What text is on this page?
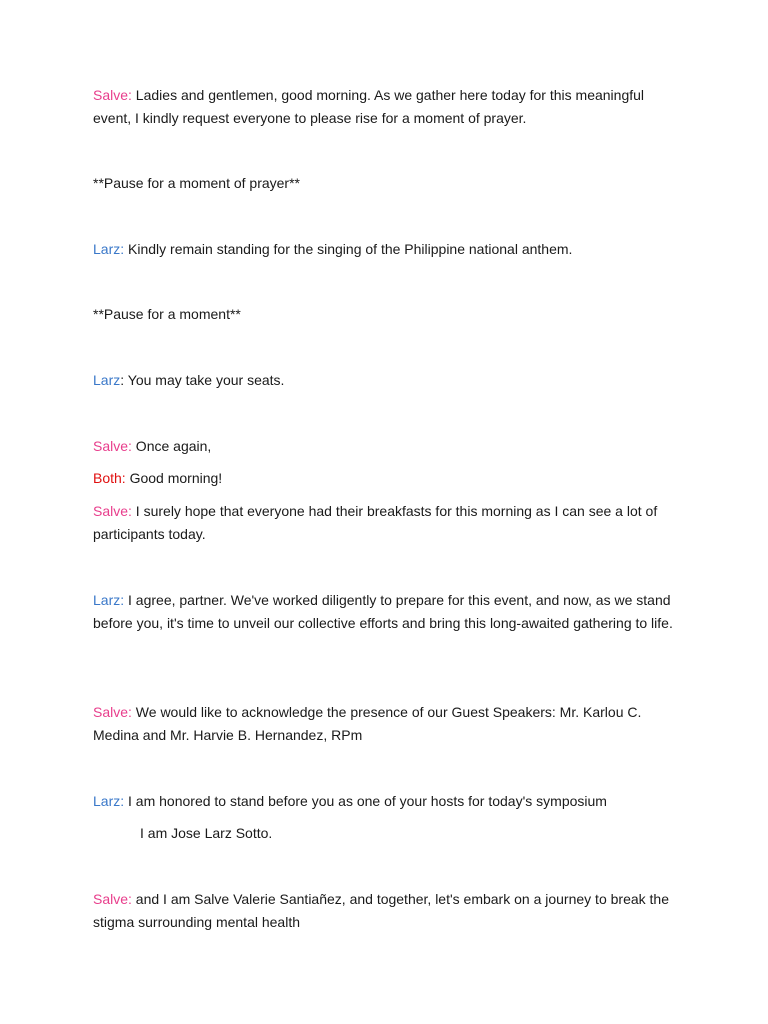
Salve: Ladies and gentlemen, good morning. As we gather here today for this meaningful event, I kindly request everyone to please rise for a moment of prayer.

**Pause for a moment of prayer**

Larz: Kindly remain standing for the singing of the Philippine national anthem.

**Pause for a moment**

Larz: You may take your seats.

Salve: Once again,

Both: Good morning!

Salve: I surely hope that everyone had their breakfasts for this morning as I can see a lot of participants today.

Larz: I agree, partner. We've worked diligently to prepare for this event, and now, as we stand before you, it's time to unveil our collective efforts and bring this long-awaited gathering to life.

Salve: We would like to acknowledge the presence of our Guest Speakers: Mr. Karlou C. Medina and Mr. Harvie B. Hernandez, RPm

Larz: I am honored to stand before you as one of your hosts for today's symposium

I am Jose Larz Sotto.

Salve: and I am Salve Valerie Santiañez, and together, let's embark on a journey to break the stigma surrounding mental health
